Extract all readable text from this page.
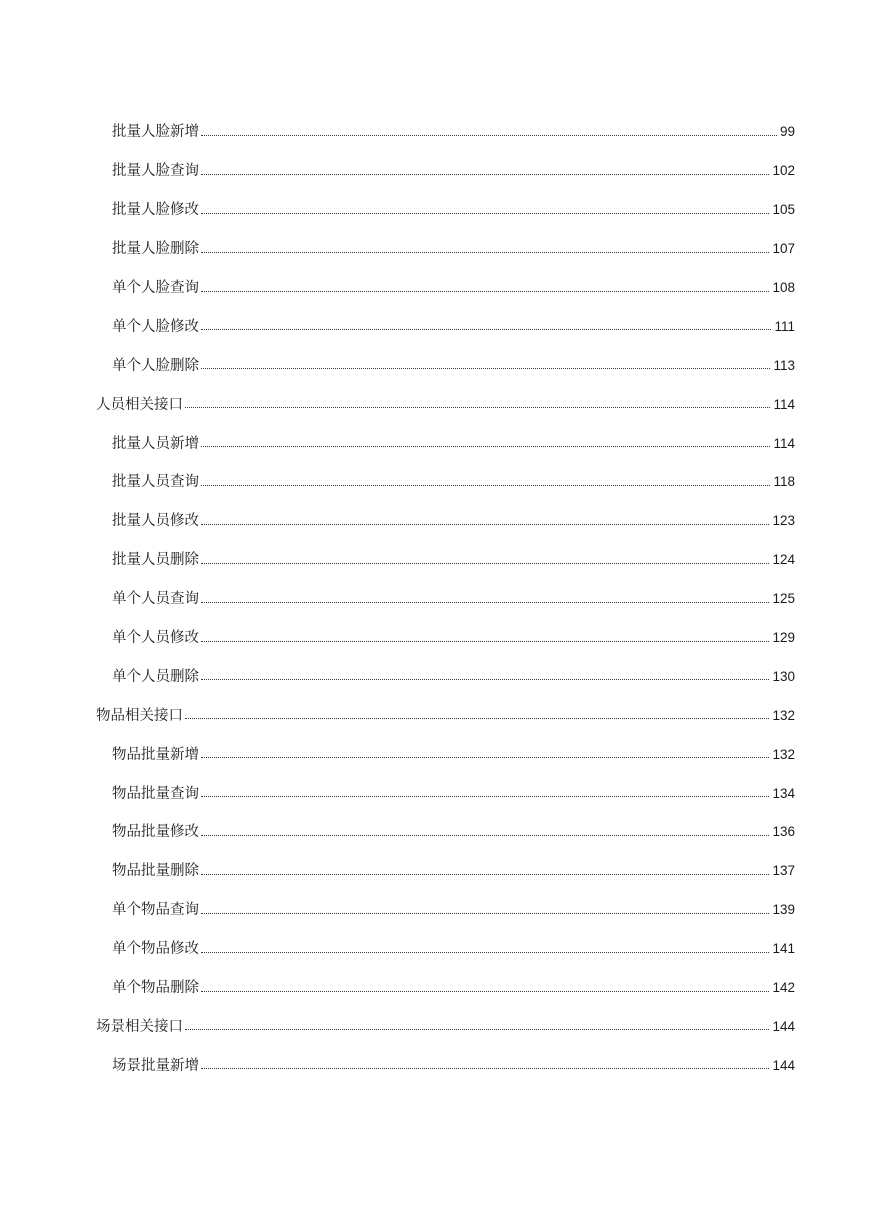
批量人脸新增	99
批量人脸查询	102
批量人脸修改	105
批量人脸删除	107
单个人脸查询	108
单个人脸修改	111
单个人脸删除	113
人员相关接口	114
批量人员新增	114
批量人员查询	118
批量人员修改	123
批量人员删除	124
单个人员查询	125
单个人员修改	129
单个人员删除	130
物品相关接口	132
物品批量新增	132
物品批量查询	134
物品批量修改	136
物品批量删除	137
单个物品查询	139
单个物品修改	141
单个物品删除	142
场景相关接口	144
场景批量新增	144
